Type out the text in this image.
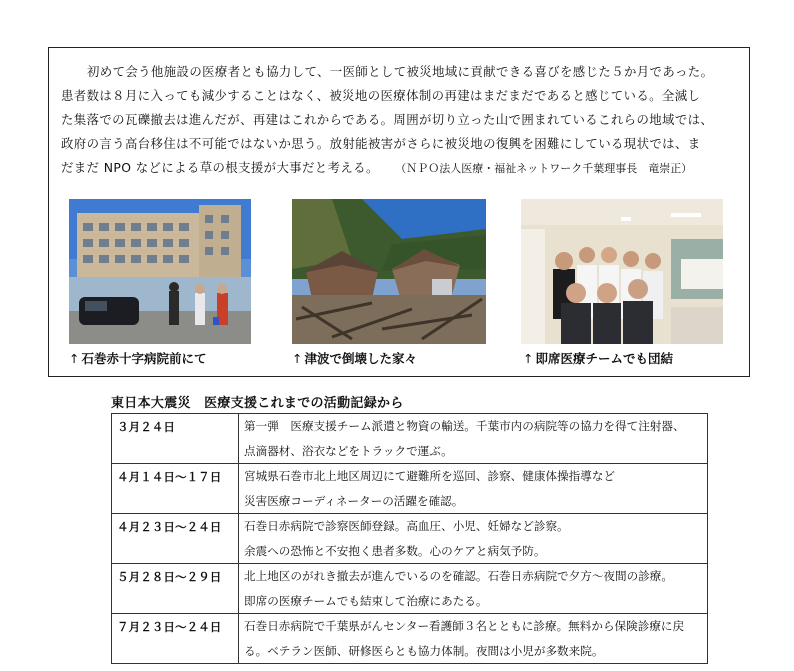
初めて会う他施設の医療者とも協力して、一医師として被災地域に貢献できる喜びを感じた５か月であった。

患者数は８月に入っても減少することはなく、被災地の医療体制の再建はまだまだであると感じている。全滅し

た集落での瓦礫撤去は進んだが、再建はこれからである。周囲が切り立った山で囲まれているこれらの地域では、

政府の言う高台移住は不可能ではないか思う。放射能被害がさらに被災地の復興を困難にしている現状では、ま

だまだ NPO などによる草の根支援が大事だと考える。 （ＮＰＯ法人医療・福祉ネットワーク千葉理事長　竜崇正）

↑ 石巻赤十字病院前にて	↑ 津波で倒壊した家々	↑ 即席医療チームでも団結
東日本大震災　医療支援これまでの活動記録から
３月２４日	第一弾　医療支援チーム派遣と物資の輸送。千葉市内の病院等の協力を得て注射器、
点滴器材、浴衣などをトラックで運ぶ。

４月１４日～１７日	宮城県石巻市北上地区周辺にて避難所を巡回、診察、健康体操指導など
災害医療コーディネーターの活躍を確認。

４月２３日～２４日	石巻日赤病院で診察医師登録。高血圧、小児、妊婦など診察。
余震への恐怖と不安抱く患者多数。心のケアと病気予防。

５月２８日～２９日	北上地区のがれき撤去が進んでいるのを確認。石巻日赤病院で夕方～夜間の診療。
即席の医療チームでも結束して治療にあたる。

７月２３日～２４日	石巻日赤病院で千葉県がんセンター看護師３名とともに診療。無料から保険診療に戻
る。ベテラン医師、研修医らとも協力体制。夜間は小児が多数来院。
